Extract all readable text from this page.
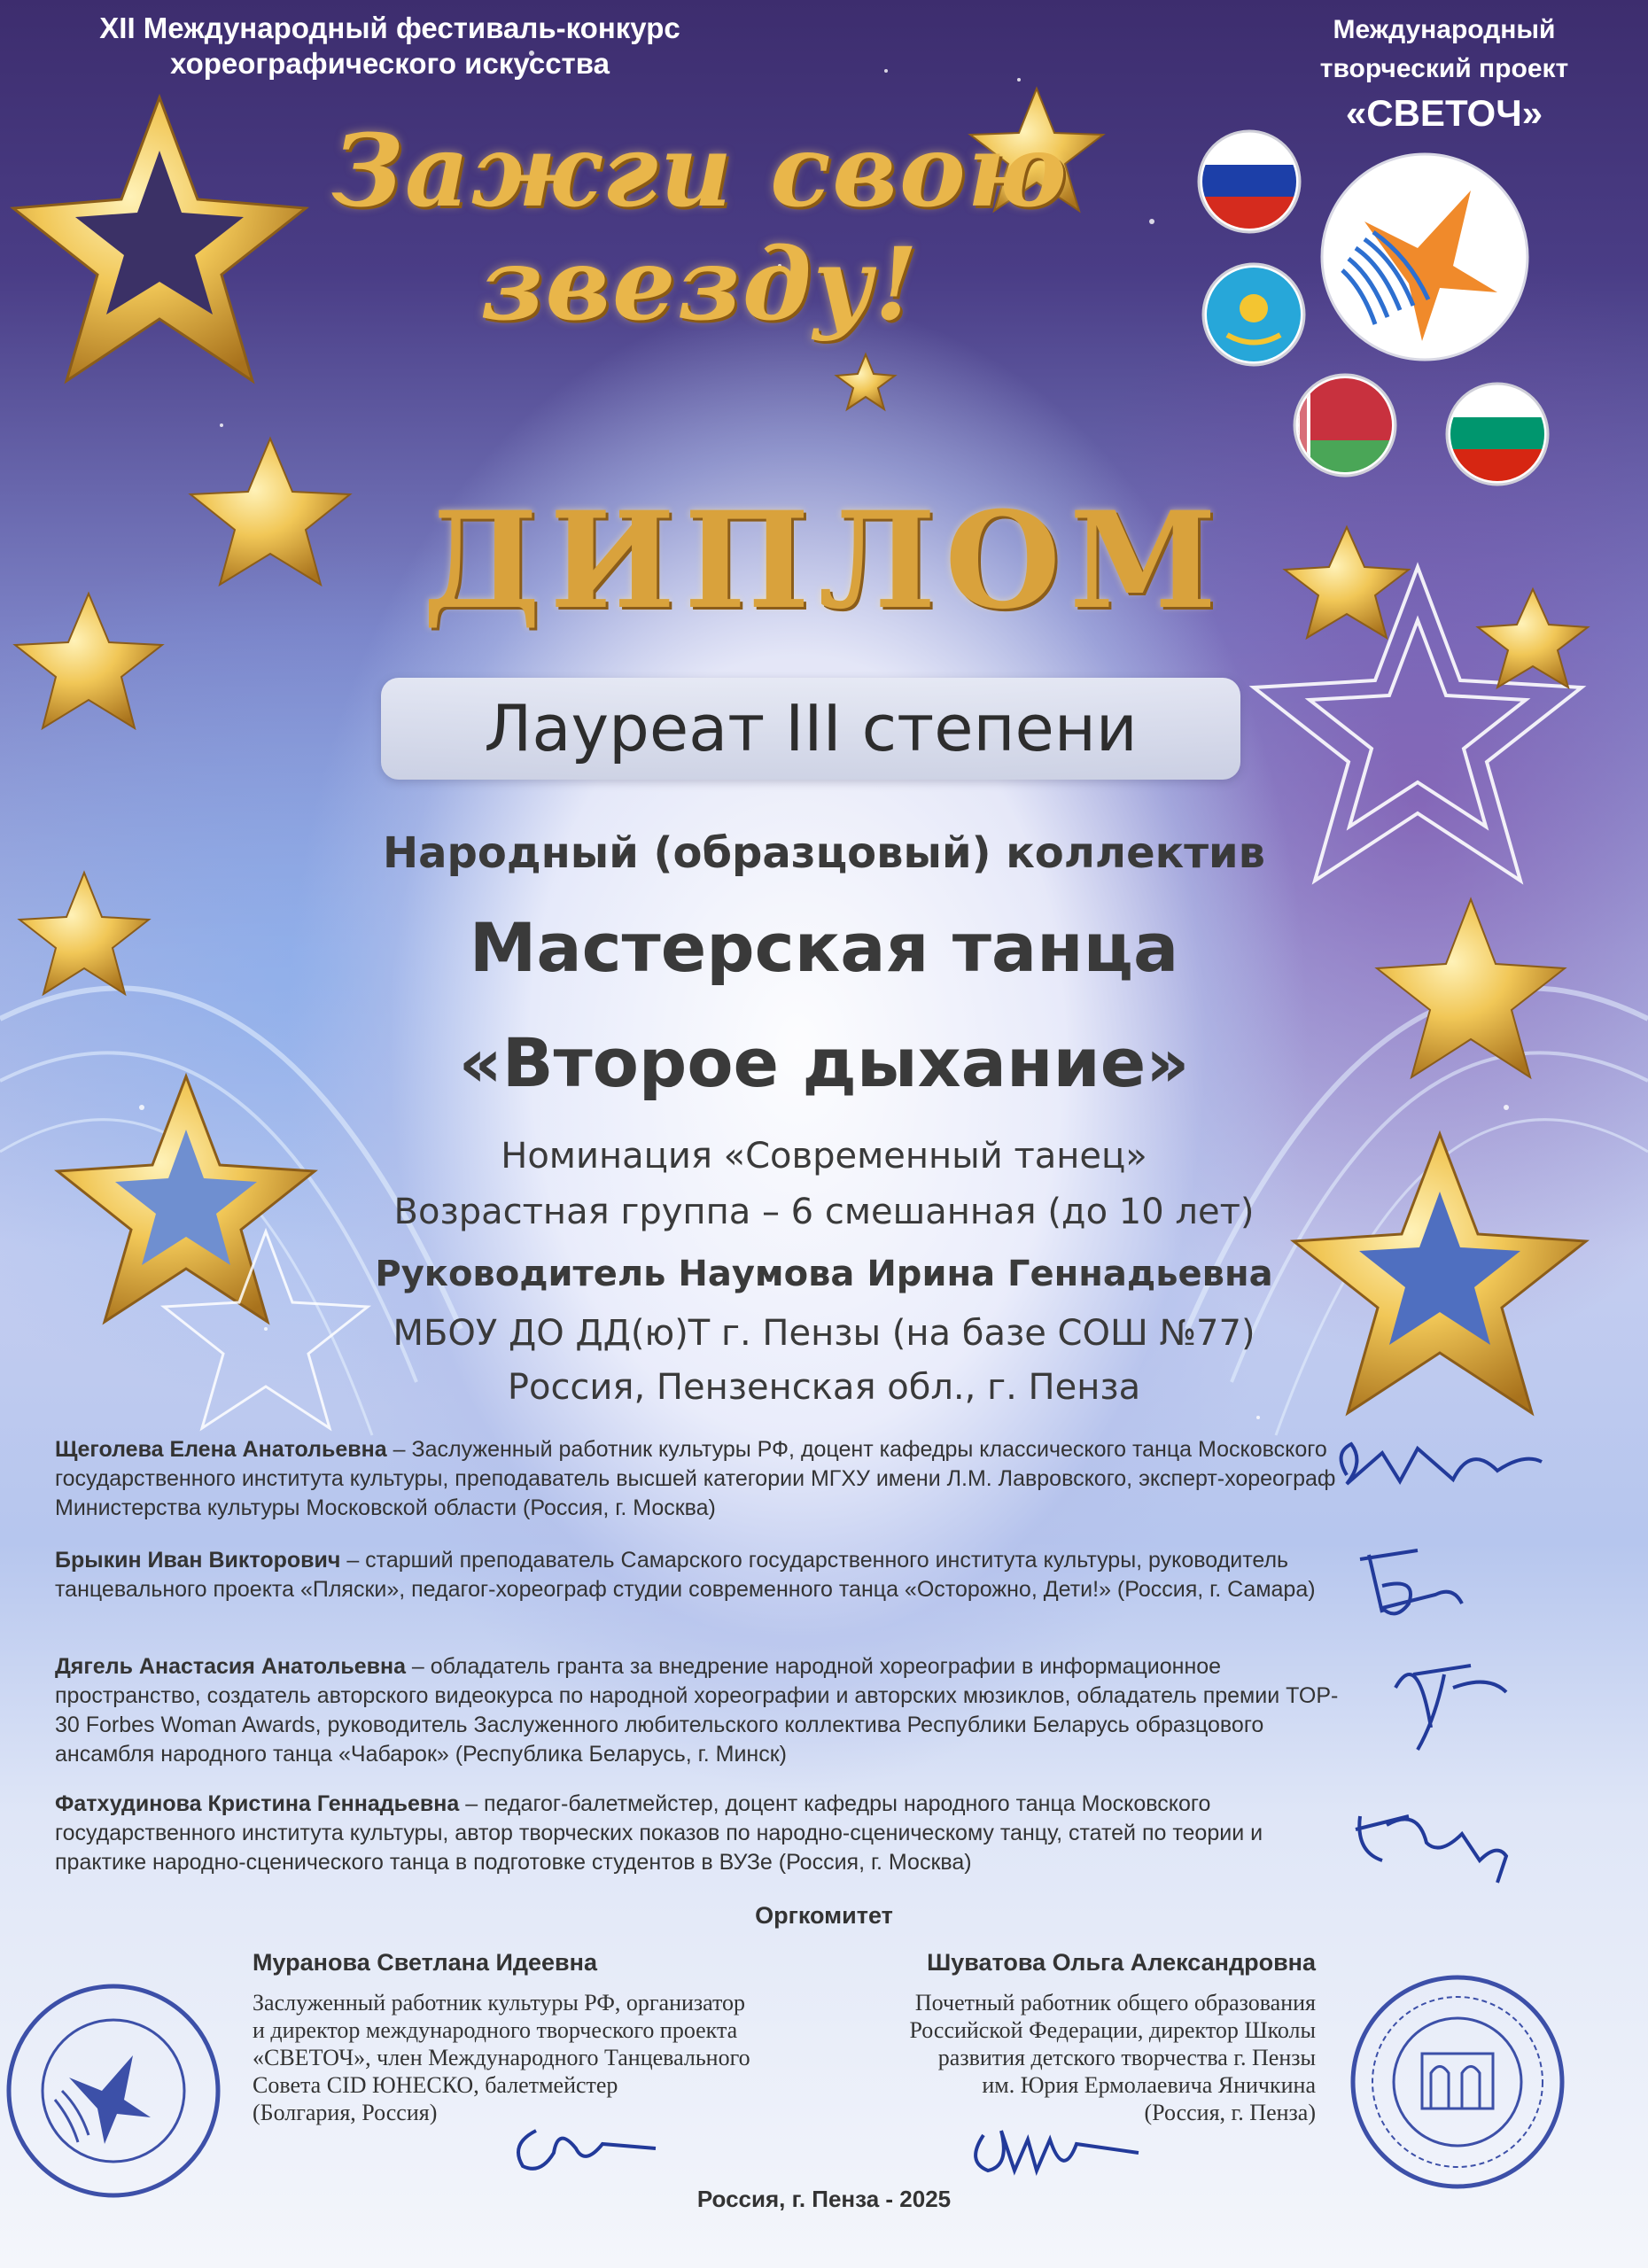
XII Международный фестиваль-конкурс
хореографического искусства
Международный
творческий проект
«СВЕТОЧ»
Зажги свою
звезду!
ДИПЛОМ
Лауреат III степени
Народный (образцовый) коллектив
Мастерская танца
«Второе дыхание»
Номинация «Современный танец»
Возрастная группа – 6 смешанная (до 10 лет)
Руководитель Наумова Ирина Геннадьевна
МБОУ ДО ДД(ю)Т г. Пензы (на базе СОШ №77)
Россия, Пензенская обл., г. Пенза
Щеголева Елена Анатольевна – Заслуженный работник культуры РФ, доцент кафедры классического танца Московского государственного института культуры, преподаватель высшей категории МГХУ имени Л.М. Лавровского, эксперт-хореограф Министерства культуры Московской области (Россия, г. Москва)
Брыкин Иван Викторович – старший преподаватель Самарского государственного института культуры, руководитель танцевального проекта «Пляски», педагог-хореограф студии современного танца «Осторожно, Дети!» (Россия, г. Самара)
Дягель Анастасия Анатольевна – обладатель гранта за внедрение народной хореографии в информационное пространство, создатель авторского видеокурса по народной хореографии и авторских мюзиклов, обладатель премии TOP-30 Forbes Woman Awards, руководитель Заслуженного любительского коллектива Республики Беларусь образцового ансамбля народного танца «Чабарок» (Республика Беларусь, г. Минск)
Фатхудинова Кристина Геннадьевна – педагог-балетмейстер, доцент кафедры народного танца Московского государственного института культуры, автор творческих показов по народно-сценическому танцу, статей по теории и практике народно-сценического танца в подготовке студентов в ВУЗе (Россия, г. Москва)
Оргкомитет
Муранова Светлана Идеевна
Заслуженный работник культуры РФ, организатор
и директор международного творческого проекта
«СВЕТОЧ», член Международного Танцевального
Совета CID ЮНЕСКО, балетмейстер
(Болгария, Россия)
Шуватова Ольга Александровна
Почетный работник общего образования
Российской Федерации, директор Школы
развития детского творчества г. Пензы
им. Юрия Ермолаевича Яничкина
(Россия, г. Пенза)
Россия, г. Пенза - 2025
